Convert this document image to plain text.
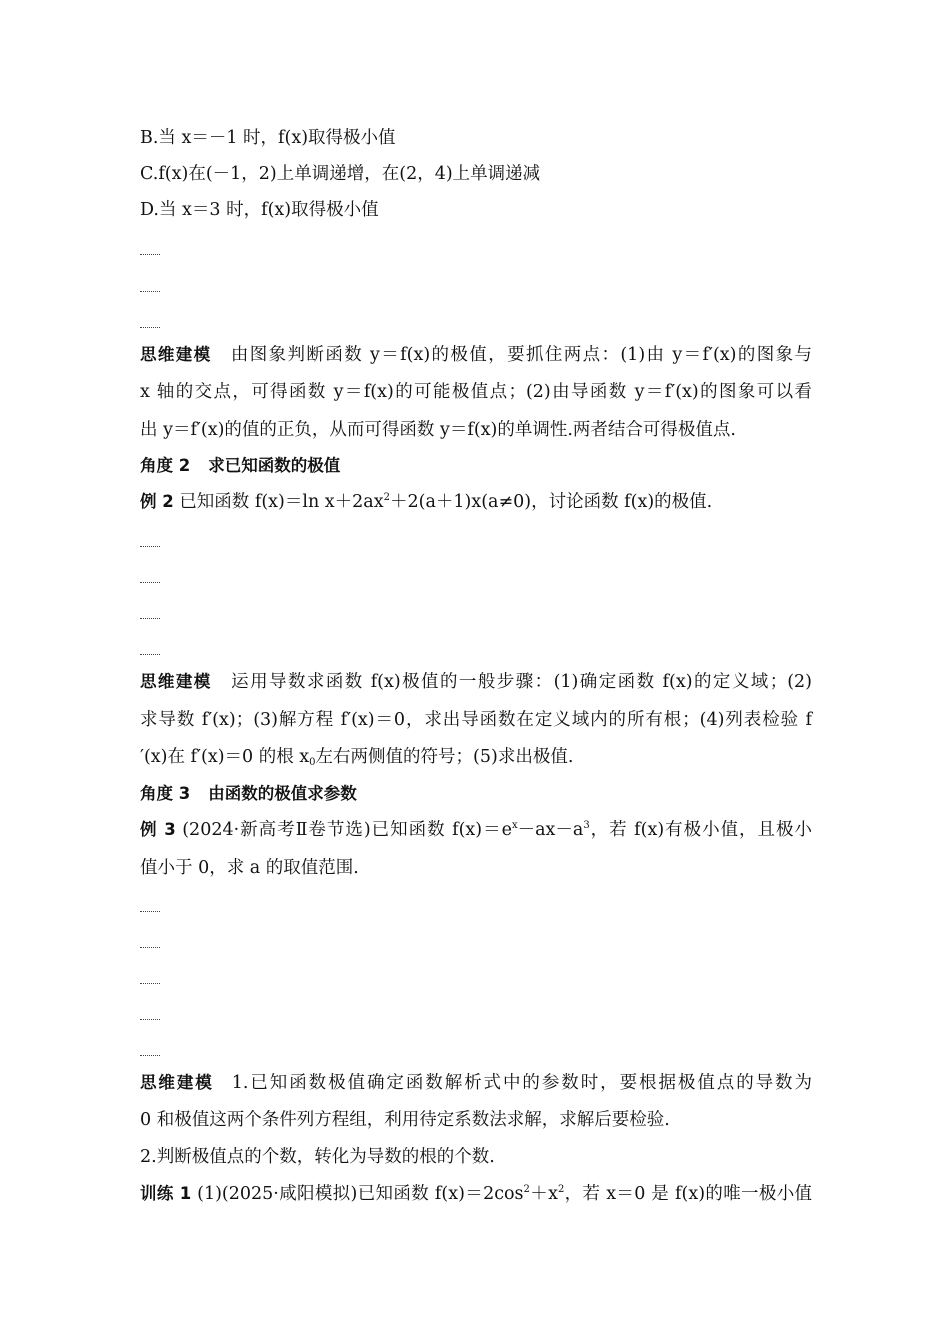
B.当 x＝－1 时，f(x)取得极小值
C.f(x)在(－1，2)上单调递增，在(2，4)上单调递减
D.当 x＝3 时，f(x)取得极小值
思维建模 由图象判断函数 y＝f(x)的极值，要抓住两点：(1)由 y＝f′(x)的图象与
x 轴的交点，可得函数 y＝f(x)的可能极值点；(2)由导函数 y＝f′(x)的图象可以看
出 y＝f′(x)的值的正负，从而可得函数 y＝f(x)的单调性.两者结合可得极值点.
角度 2 求已知函数的极值
例 2 已知函数 f(x)＝ln $x+2ax^2+2(a+1)x(a\ne 0)$，讨论函数 f(x)的极值.
思维建模 运用导数求函数 f(x)极值的一般步骤：(1)确定函数 f(x)的定义域；(2)
求导数 f′(x)；(3)解方程 f′(x)＝0，求出导函数在定义域内的所有根；(4)列表检验 f
′(x)在 f′(x)＝0 的根 $x_0$左右两侧值的符号；(5)求出极值.
角度 3 由函数的极值求参数
例 3 (2024·新高考Ⅱ卷节选)已知函数 $f(x)=e^x-ax-a^3$，若 f(x)有极小值，且极小
值小于 0，求 a 的取值范围.
思维建模 1.已知函数极值确定函数解析式中的参数时，要根据极值点的导数为
0 和极值这两个条件列方程组，利用待定系数法求解，求解后要检验.
2.判断极值点的个数，转化为导数的根的个数.
训练 1 (1)(2025·咸阳模拟)已知函数 $f(x)=2\cos^2+x^2$，若 x＝0 是 f(x)的唯一极小值
